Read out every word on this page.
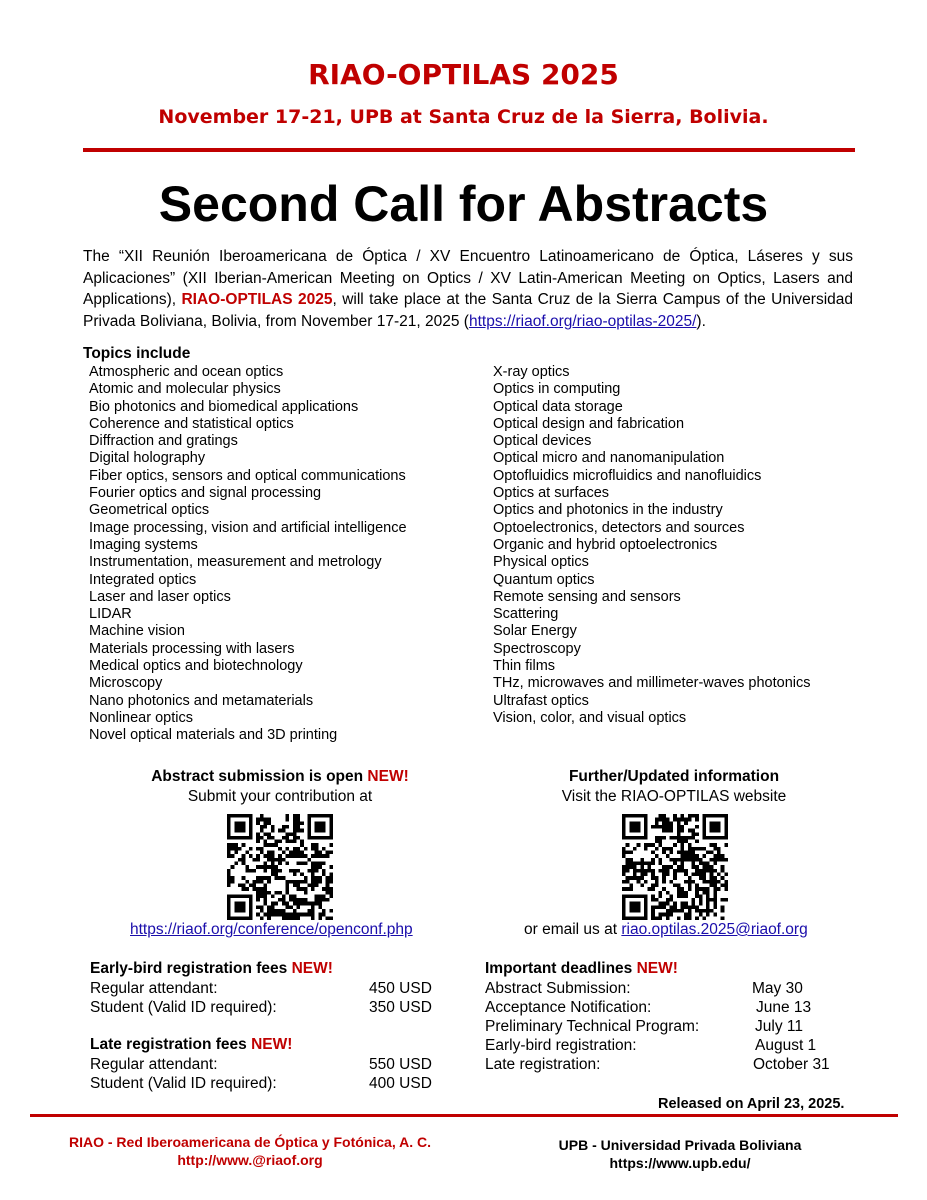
RIAO-OPTILAS 2025
November 17-21, UPB at Santa Cruz de la Sierra, Bolivia.
Second Call for Abstracts
The “XII Reunión Iberoamericana de Óptica / XV Encuentro Latinoamericano de Óptica, Láseres y sus Aplicaciones” (XII Iberian-American Meeting on Optics / XV Latin-American Meeting on Optics, Lasers and Applications), RIAO-OPTILAS 2025, will take place at the Santa Cruz de la Sierra Campus of the Universidad Privada Boliviana, Bolivia, from November 17-21, 2025 (https://riaof.org/riao-optilas-2025/).
Topics include
Atmospheric and ocean optics
Atomic and molecular physics
Bio photonics and biomedical applications
Coherence and statistical optics
Diffraction and gratings
Digital holography
Fiber optics, sensors and optical communications
Fourier optics and signal processing
Geometrical optics
Image processing, vision and artificial intelligence
Imaging systems
Instrumentation, measurement and metrology
Integrated optics
Laser and laser optics
LIDAR
Machine vision
Materials processing with lasers
Medical optics and biotechnology
Microscopy
Nano photonics and metamaterials
Nonlinear optics
Novel optical materials and 3D printing
X-ray optics
Optics in computing
Optical data storage
Optical design and fabrication
Optical devices
Optical micro and nanomanipulation
Optofluidics microfluidics and nanofluidics
Optics at surfaces
Optics and photonics in the industry
Optoelectronics, detectors and sources
Organic and hybrid optoelectronics
Physical optics
Quantum optics
Remote sensing and sensors
Scattering
Solar Energy
Spectroscopy
Thin films
THz, microwaves and millimeter-waves photonics
Ultrafast optics
Vision, color, and visual optics
Abstract submission is open NEW!
Submit your contribution at
Further/Updated information
Visit the RIAO-OPTILAS website
https://riaof.org/conference/openconf.php	or email us at riao.optilas.2025@riaof.org
Early-bird registration fees NEW!
Regular attendant:	450 USD
Student (Valid ID required):	350 USD
Late registration fees NEW!
Regular attendant:	550 USD
Student (Valid ID required):	400 USD
Important deadlines NEW!
Abstract Submission:	May 30
Acceptance Notification:	June 13
Preliminary Technical Program:	July 11
Early-bird registration:	August 1
Late registration:	October 31
Released on April 23, 2025.
RIAO - Red Iberoamericana de Óptica y Fotónica, A. C.
http://www.@riaof.org
UPB - Universidad Privada Boliviana
https://www.upb.edu/
